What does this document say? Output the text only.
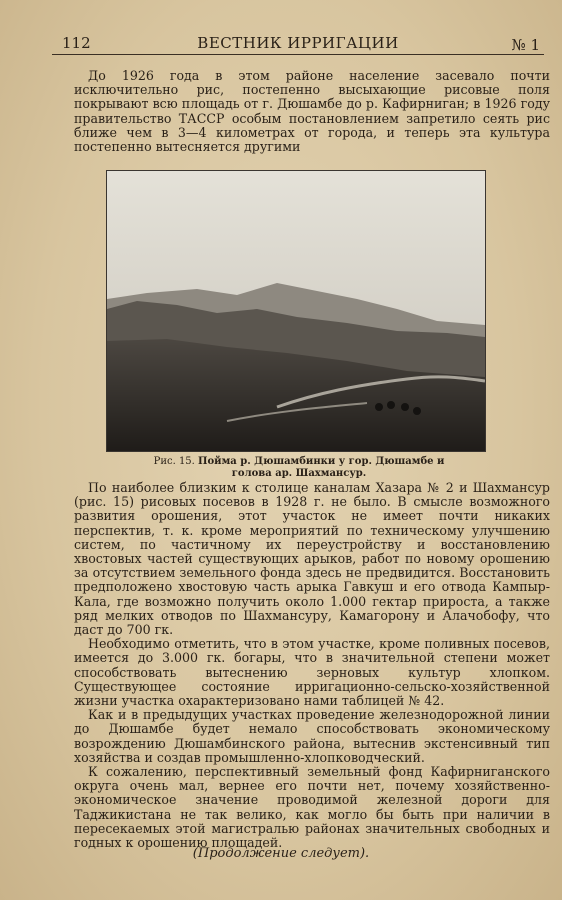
112	ВЕСТНИК ИРРИГАЦИИ	№ 1

До 1926 года в этом районе население засевало почти исключительно рис, постепенно высыхающие рисовые поля покрывают всю площадь от г. Дюшамбе до р. Кафирниган; в 1926 году правительство ТАССР особым постановлением запретило сеять рис ближе чем в 3—4 километрах от города, и теперь эта культура постепенно вытесняется другими

Рис. 15. Пойма р. Дюшамбинки у гор. Дюшамбе и голова ар. Шахмансур.

По наиболее близким к столице каналам Хазара № 2 и Шахмансур (рис. 15) рисовых посевов в 1928 г. не было. В смысле возможного развития орошения, этот участок не имеет почти никаких перспектив, т. к. кроме мероприятий по техническому улучшению систем, по частичному их переустройству и восстановлению хвостовых частей существующих арыков, работ по новому орошению за отсутствием земельного фонда здесь не предвидится. Восстановить предположено хвостовую часть арыка Гавкуш и его отвода Кампыр-Кала, где возможно получить около 1.000 гектар прироста, а также ряд мелких отводов по Шахмансуру, Камагорону и Алачобофу, что даст до 700 гк.

Необходимо отметить, что в этом участке, кроме поливных посевов, имеется до 3.000 гк. богары, что в значительной степени может способствовать вытеснению зерновых культур хлопком. Существующее состояние ирригационно-сельско-хозяйственной жизни участка охарактеризовано нами таблицей № 42.

Как и в предыдущих участках проведение железнодорожной линии до Дюшамбе будет немало способствовать экономическому возрождению Дюшамбинского района, вытеснив экстенсивный тип хозяйства и создав промышленно-хлопководческий.

К сожалению, перспективный земельный фонд Кафирниганского округа очень мал, вернее его почти нет, почему хозяйственно-экономическое значение проводимой железной дороги для Таджикистана не так велико, как могло бы быть при наличии в пересекаемых этой магистралью районах значительных свободных и годных к орошению площадей.

(Продолжение следует).
